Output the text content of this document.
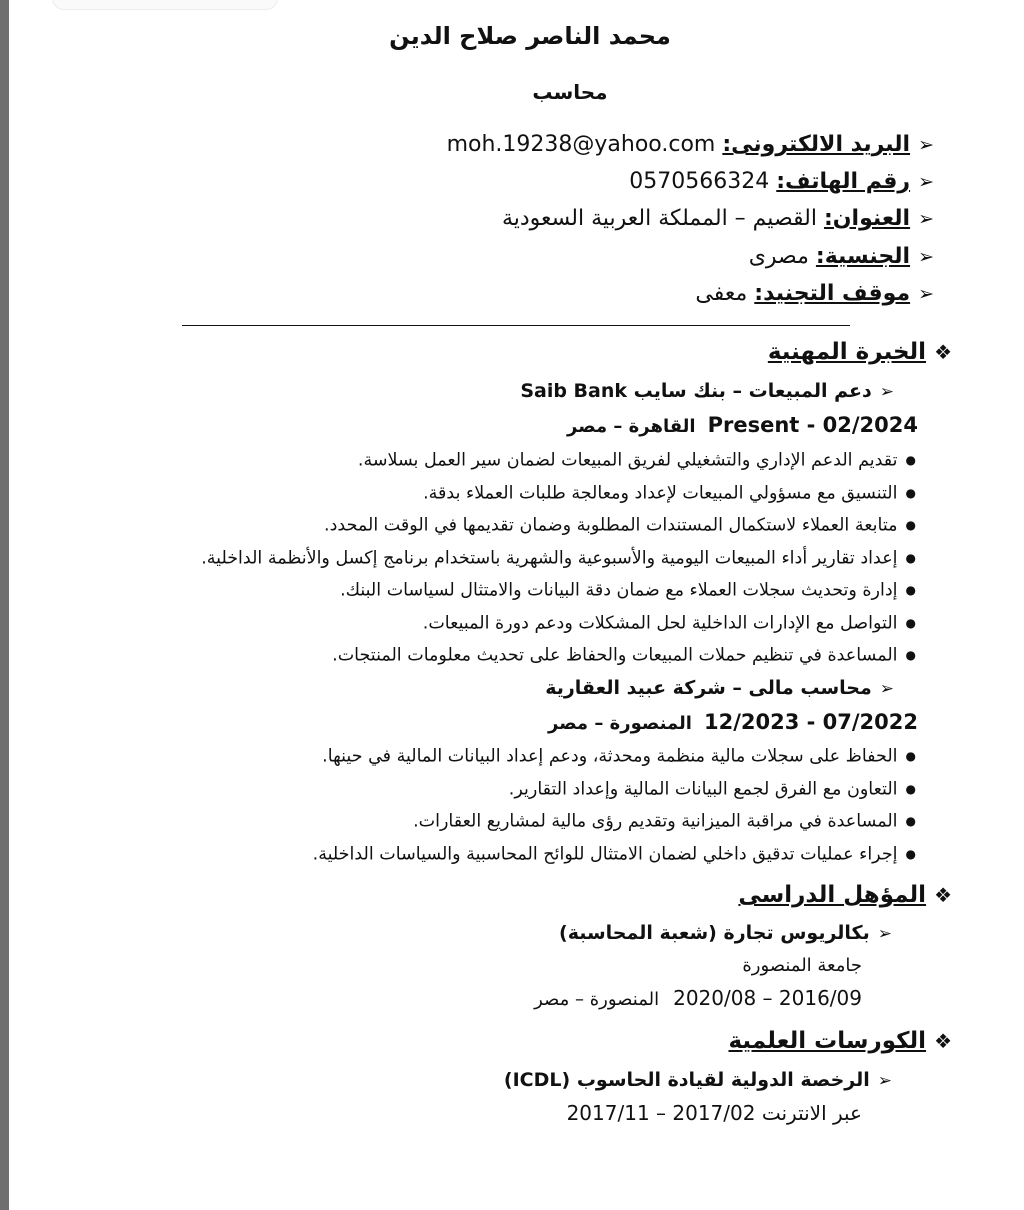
محمد الناصر صلاح الدين
محاسب
➢البريد الالكترونى: moh.19238@yahoo.com
➢رقم الهاتف: 0570566324
➢العنوان: القصيم – المملكة العربية السعودية
➢الجنسية: مصرى
➢موقف التجنيد: معفى
❖الخبرة المهنية
➢دعم المبيعات – بنك سايب Saib Bank
Present - 02/2024القاهرة – مصر
●تقديم الدعم الإداري والتشغيلي لفريق المبيعات لضمان سير العمل بسلاسة.
●التنسيق مع مسؤولي المبيعات لإعداد ومعالجة طلبات العملاء بدقة.
●متابعة العملاء لاستكمال المستندات المطلوبة وضمان تقديمها في الوقت المحدد.
●إعداد تقارير أداء المبيعات اليومية والأسبوعية والشهرية باستخدام برنامج إكسل والأنظمة الداخلية.
●إدارة وتحديث سجلات العملاء مع ضمان دقة البيانات والامتثال لسياسات البنك.
●التواصل مع الإدارات الداخلية لحل المشكلات ودعم دورة المبيعات.
●المساعدة في تنظيم حملات المبيعات والحفاظ على تحديث معلومات المنتجات.
➢محاسب مالى – شركة عبيد العقارية
12/2023 - 07/2022المنصورة – مصر
●الحفاظ على سجلات مالية منظمة ومحدثة، ودعم إعداد البيانات المالية في حينها.
●التعاون مع الفرق لجمع البيانات المالية وإعداد التقارير.
●المساعدة في مراقبة الميزانية وتقديم رؤى مالية لمشاريع العقارات.
●إجراء عمليات تدقيق داخلي لضمان الامتثال للوائح المحاسبية والسياسات الداخلية.
❖المؤهل الدراسى
➢بكالريوس تجارة (شعبة المحاسبة)
جامعة المنصورة
2020/08 – 2016/09المنصورة – مصر
❖الكورسات العلمية
➢الرخصة الدولية لقيادة الحاسوب (ICDL)
عبر الانترنت 2017/11 – 2017/02
